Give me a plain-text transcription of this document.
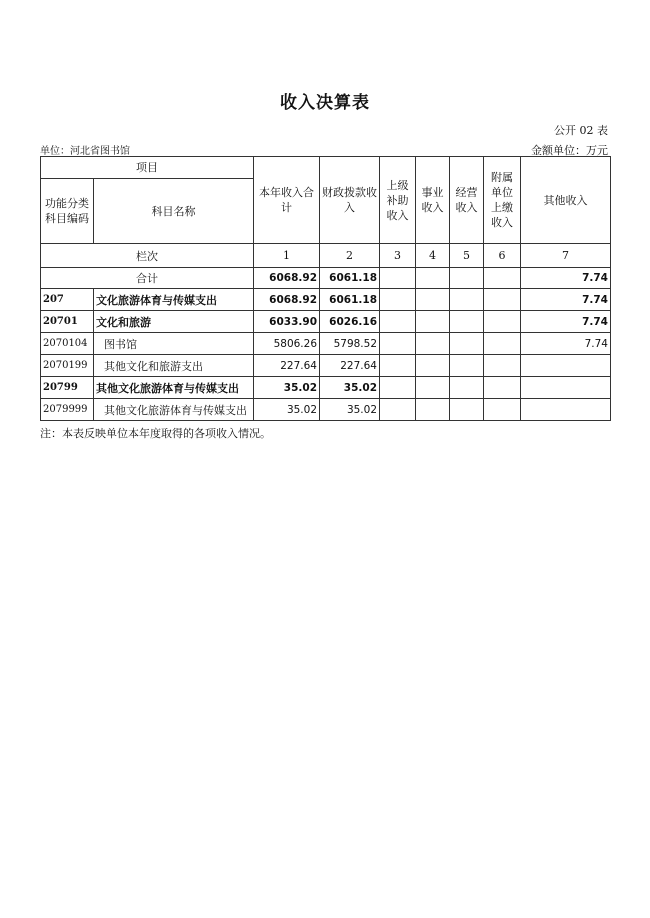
收入决算表
公开 02 表
单位：河北省图书馆	金额单位：万元
项目		本年收入合计	财政拨款收入	上级补助收入	事业收入	经营收入	附属单位上缴收入	其他收入
功能分类科目编码	科目名称							
栏次		1	2	3	4	5	6	7
合计		6068.92	6061.18					7.74
207	文化旅游体育与传媒支出	6068.92	6061.18					7.74
20701	文化和旅游	6033.90	6026.16					7.74
2070104	图书馆	5806.26	5798.52					7.74
2070199	其他文化和旅游支出	227.64	227.64					
20799	其他文化旅游体育与传媒支出	35.02	35.02					
2079999	其他文化旅游体育与传媒支出	35.02	35.02					
注：本表反映单位本年度取得的各项收入情况。
